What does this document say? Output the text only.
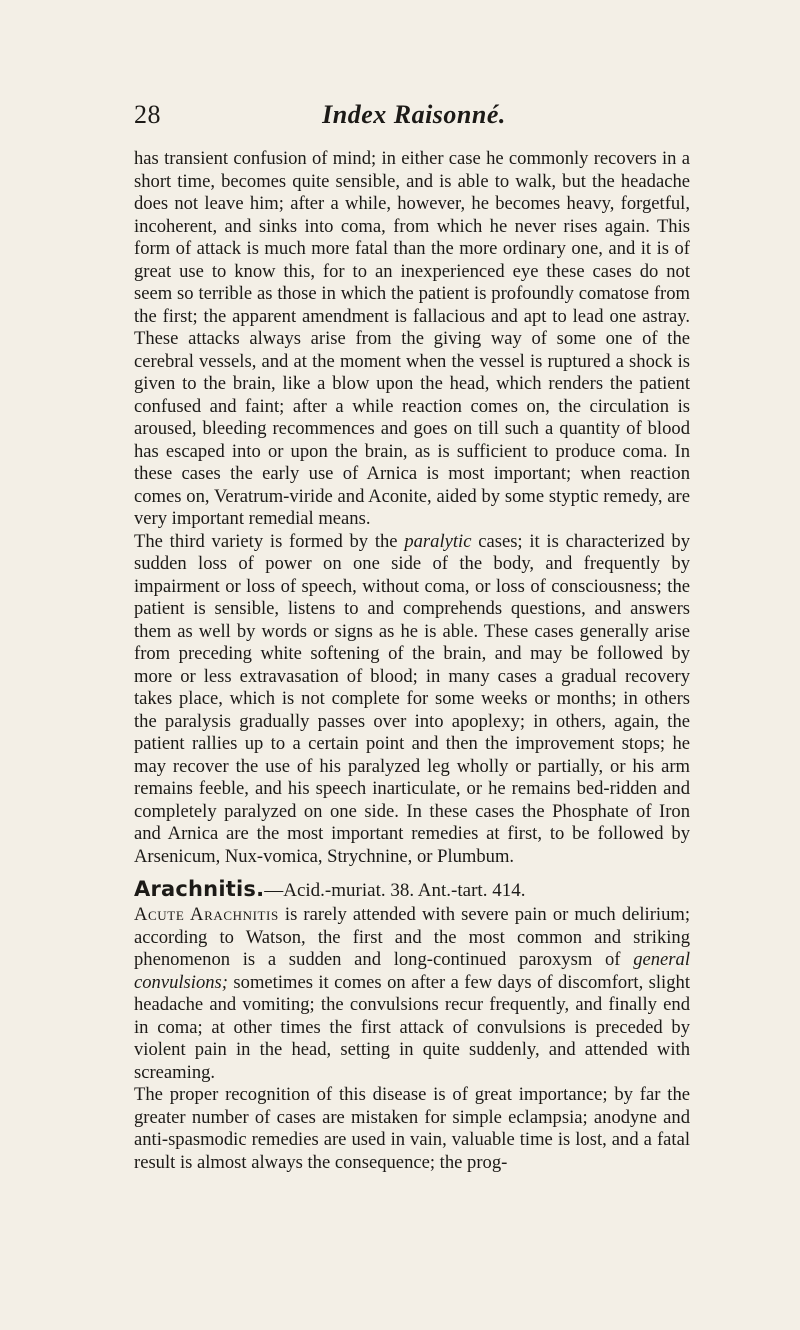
28	Index Raisonné.

has transient confusion of mind; in either case he commonly recovers in a short time, becomes quite sensible, and is able to walk, but the headache does not leave him; after a while, however, he becomes heavy, forgetful, incoherent, and sinks into coma, from which he never rises again. This form of attack is much more fatal than the more ordinary one, and it is of great use to know this, for to an inexperienced eye these cases do not seem so terrible as those in which the patient is profoundly comatose from the first; the apparent amendment is fallacious and apt to lead one astray. These attacks always arise from the giving way of some one of the cerebral vessels, and at the moment when the vessel is ruptured a shock is given to the brain, like a blow upon the head, which renders the patient confused and faint; after a while reaction comes on, the circulation is aroused, bleeding recommences and goes on till such a quantity of blood has escaped into or upon the brain, as is sufficient to produce coma. In these cases the early use of Arnica is most important; when reaction comes on, Veratrum-viride and Aconite, aided by some styptic remedy, are very important remedial means.

The third variety is formed by the paralytic cases; it is characterized by sudden loss of power on one side of the body, and frequently by impairment or loss of speech, without coma, or loss of consciousness; the patient is sensible, listens to and comprehends questions, and answers them as well by words or signs as he is able. These cases generally arise from preceding white softening of the brain, and may be followed by more or less extravasation of blood; in many cases a gradual recovery takes place, which is not complete for some weeks or months; in others the paralysis gradually passes over into apoplexy; in others, again, the patient rallies up to a certain point and then the improvement stops; he may recover the use of his paralyzed leg wholly or partially, or his arm remains feeble, and his speech inarticulate, or he remains bed-ridden and completely paralyzed on one side. In these cases the Phosphate of Iron and Arnica are the most important remedies at first, to be followed by Arsenicum, Nux-vomica, Strychnine, or Plumbum.

Arachnitis.—Acid.-muriat. 38. Ant.-tart. 414.

Acute Arachnitis is rarely attended with severe pain or much delirium; according to Watson, the first and the most common and striking phenomenon is a sudden and long-continued paroxysm of general convulsions; sometimes it comes on after a few days of discomfort, slight headache and vomiting; the convulsions recur frequently, and finally end in coma; at other times the first attack of convulsions is preceded by violent pain in the head, setting in quite suddenly, and attended with screaming.

The proper recognition of this disease is of great importance; by far the greater number of cases are mistaken for simple eclampsia; anodyne and anti-spasmodic remedies are used in vain, valuable time is lost, and a fatal result is almost always the consequence; the prog-
